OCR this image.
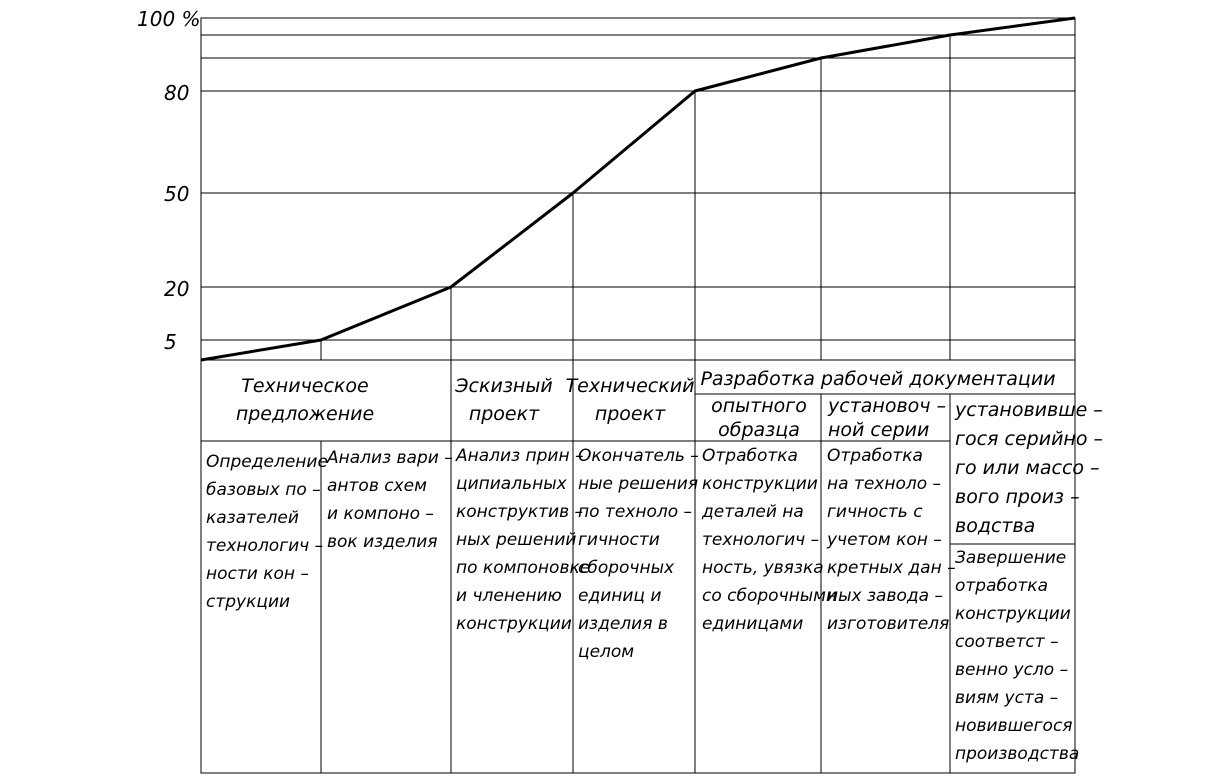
5
20
50
80
100 %
Техническое
предложение
Эскизный
проект
Технический
проект
Разработка рабочей документации
опытного
образца
установоч –
ной серии
установивше –
гося серийно –
го или массо –
вого произ –
водства
Определение
базовых по –
казателей
технологич –
ности кон –
струкции
Анализ вари –
антов схем
и компоно –
вок изделия
Анализ прин –
ципиальных
конструктив –
ных решений
по компоновке
и членению
конструкции
Окончатель –
ные решения
по техноло –
гичности
сборочных
единиц и
изделия в
целом
Отработка
конструкции
деталей на
технологич –
ность, увязка
со сборочными
единицами
Отработка
на техноло –
гичность с
учетом кон –
кретных дан –
ных завода –
изготовителя
Завершение
отработка
конструкции
соответст –
венно усло –
виям уста –
новившегося
производства
